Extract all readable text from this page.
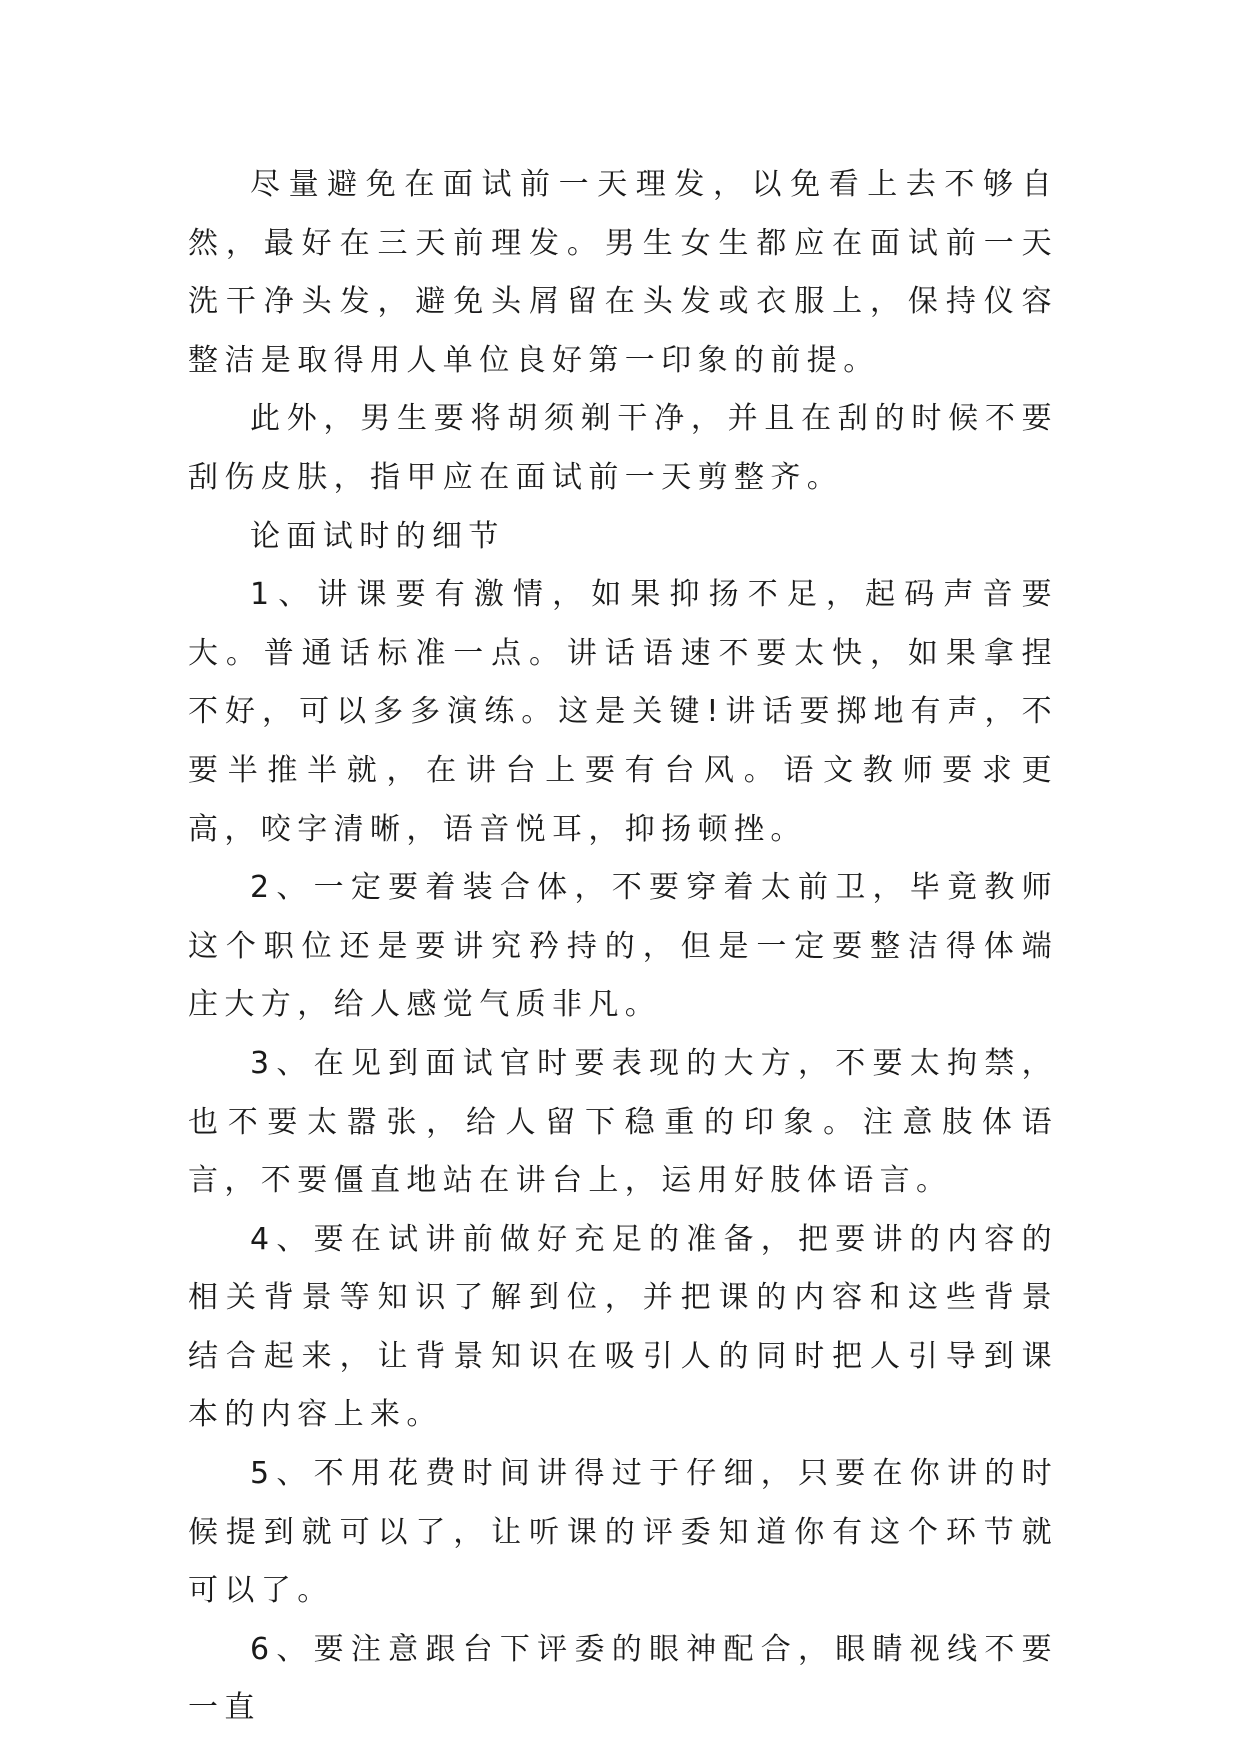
尽量避免在面试前一天理发，以免看上去不够自然，最好在三天前理发。男生女生都应在面试前一天洗干净头发，避免头屑留在头发或衣服上，保持仪容整洁是取得用人单位良好第一印象的前提。

此外，男生要将胡须剃干净，并且在刮的时候不要刮伤皮肤，指甲应在面试前一天剪整齐。

论面试时的细节

1、讲课要有激情，如果抑扬不足，起码声音要大。普通话标准一点。讲话语速不要太快，如果拿捏不好，可以多多演练。这是关键!讲话要掷地有声，不要半推半就，在讲台上要有台风。语文教师要求更高，咬字清晰，语音悦耳，抑扬顿挫。

2、一定要着装合体，不要穿着太前卫，毕竟教师这个职位还是要讲究矜持的，但是一定要整洁得体端庄大方，给人感觉气质非凡。

3、在见到面试官时要表现的大方，不要太拘禁，也不要太嚣张，给人留下稳重的印象。注意肢体语言，不要僵直地站在讲台上，运用好肢体语言。

4、要在试讲前做好充足的准备，把要讲的内容的相关背景等知识了解到位，并把课的内容和这些背景结合起来，让背景知识在吸引人的同时把人引导到课本的内容上来。

5、不用花费时间讲得过于仔细，只要在你讲的时候提到就可以了，让听课的评委知道你有这个环节就可以了。

6、要注意跟台下评委的眼神配合，眼睛视线不要一直
